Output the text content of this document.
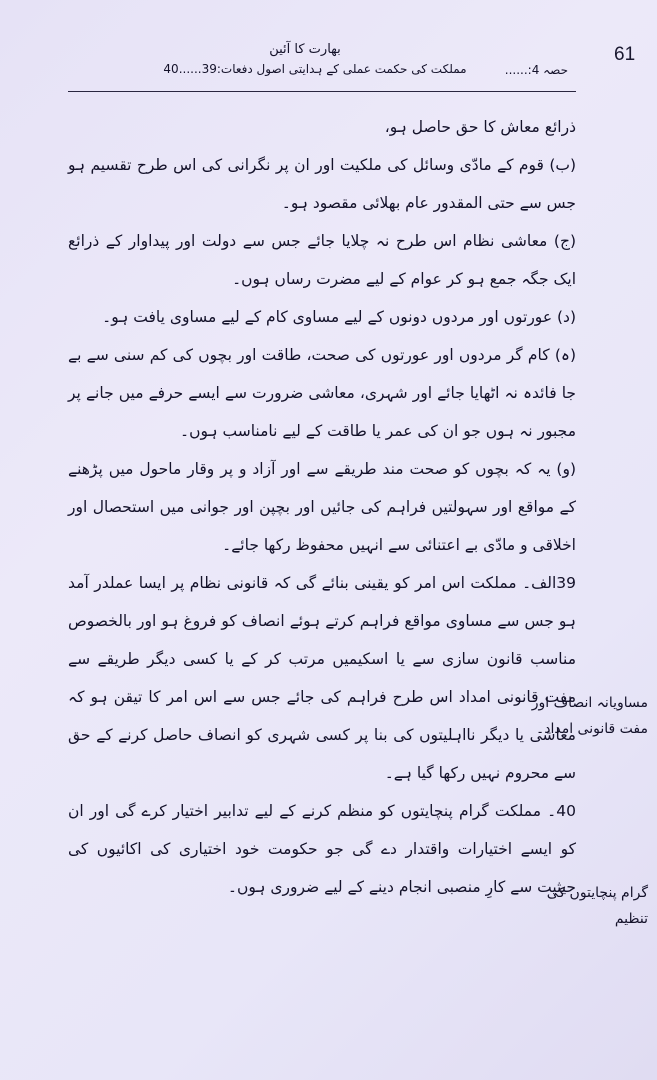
61
بھارت کا آئین
مملکت کی حکمت عملی کے ہدایتی اصول دفعات:39......40	حصہ 4:......

ذرائع معاش کا حق حاصل ہو،

(ب) قوم کے مادّی وسائل کی ملکیت اور ان پر نگرانی کی اس طرح تقسیم ہو جس سے حتی المقدور عام بھلائی مقصود ہو۔

(ج) معاشی نظام اس طرح نہ چلایا جائے جس سے دولت اور پیداوار کے ذرائع ایک جگہ جمع ہو کر عوام کے لیے مضرت رساں ہوں۔

(د) عورتوں اور مردوں دونوں کے لیے مساوی کام کے لیے مساوی یافت ہو۔

(ہ) کام گر مردوں اور عورتوں کی صحت، طاقت اور بچوں کی کم سنی سے بے جا فائدہ نہ اٹھایا جائے اور شہری، معاشی ضرورت سے ایسے حرفے میں جانے پر مجبور نہ ہوں جو ان کی عمر یا طاقت کے لیے نامناسب ہوں۔

(و) یہ کہ بچوں کو صحت مند طریقے سے اور آزاد و پر وقار ماحول میں پڑھنے کے مواقع اور سہولتیں فراہم کی جائیں اور بچپن اور جوانی میں استحصال اور اخلاقی و مادّی بے اعتنائی سے انہیں محفوظ رکھا جائے۔

39الف۔ مملکت اس امر کو یقینی بنائے گی کہ قانونی نظام پر ایسا عملدر آمد ہو جس سے مساوی مواقع فراہم کرتے ہوئے انصاف کو فروغ ہو اور بالخصوص مناسب قانون سازی سے یا اسکیمیں مرتب کر کے یا کسی دیگر طریقے سے مفت قانونی امداد اس طرح فراہم کی جائے جس سے اس امر کا تیقن ہو کہ معاشی یا دیگر نااہلیتوں کی بنا پر کسی شہری کو انصاف حاصل کرنے کے حق سے محروم نہیں رکھا گیا ہے۔

40۔ مملکت گرام پنچایتوں کو منظم کرنے کے لیے تدابیر اختیار کرے گی اور ان کو ایسے اختیارات واقتدار دے گی جو حکومت خود اختیاری کی اکائیوں کی حیثیت سے کارِ منصبی انجام دینے کے لیے ضروری ہوں۔

مساویانہ انصاف اور مفت قانونی امداد۔
گرام پنچایتوں کی تنظیم
